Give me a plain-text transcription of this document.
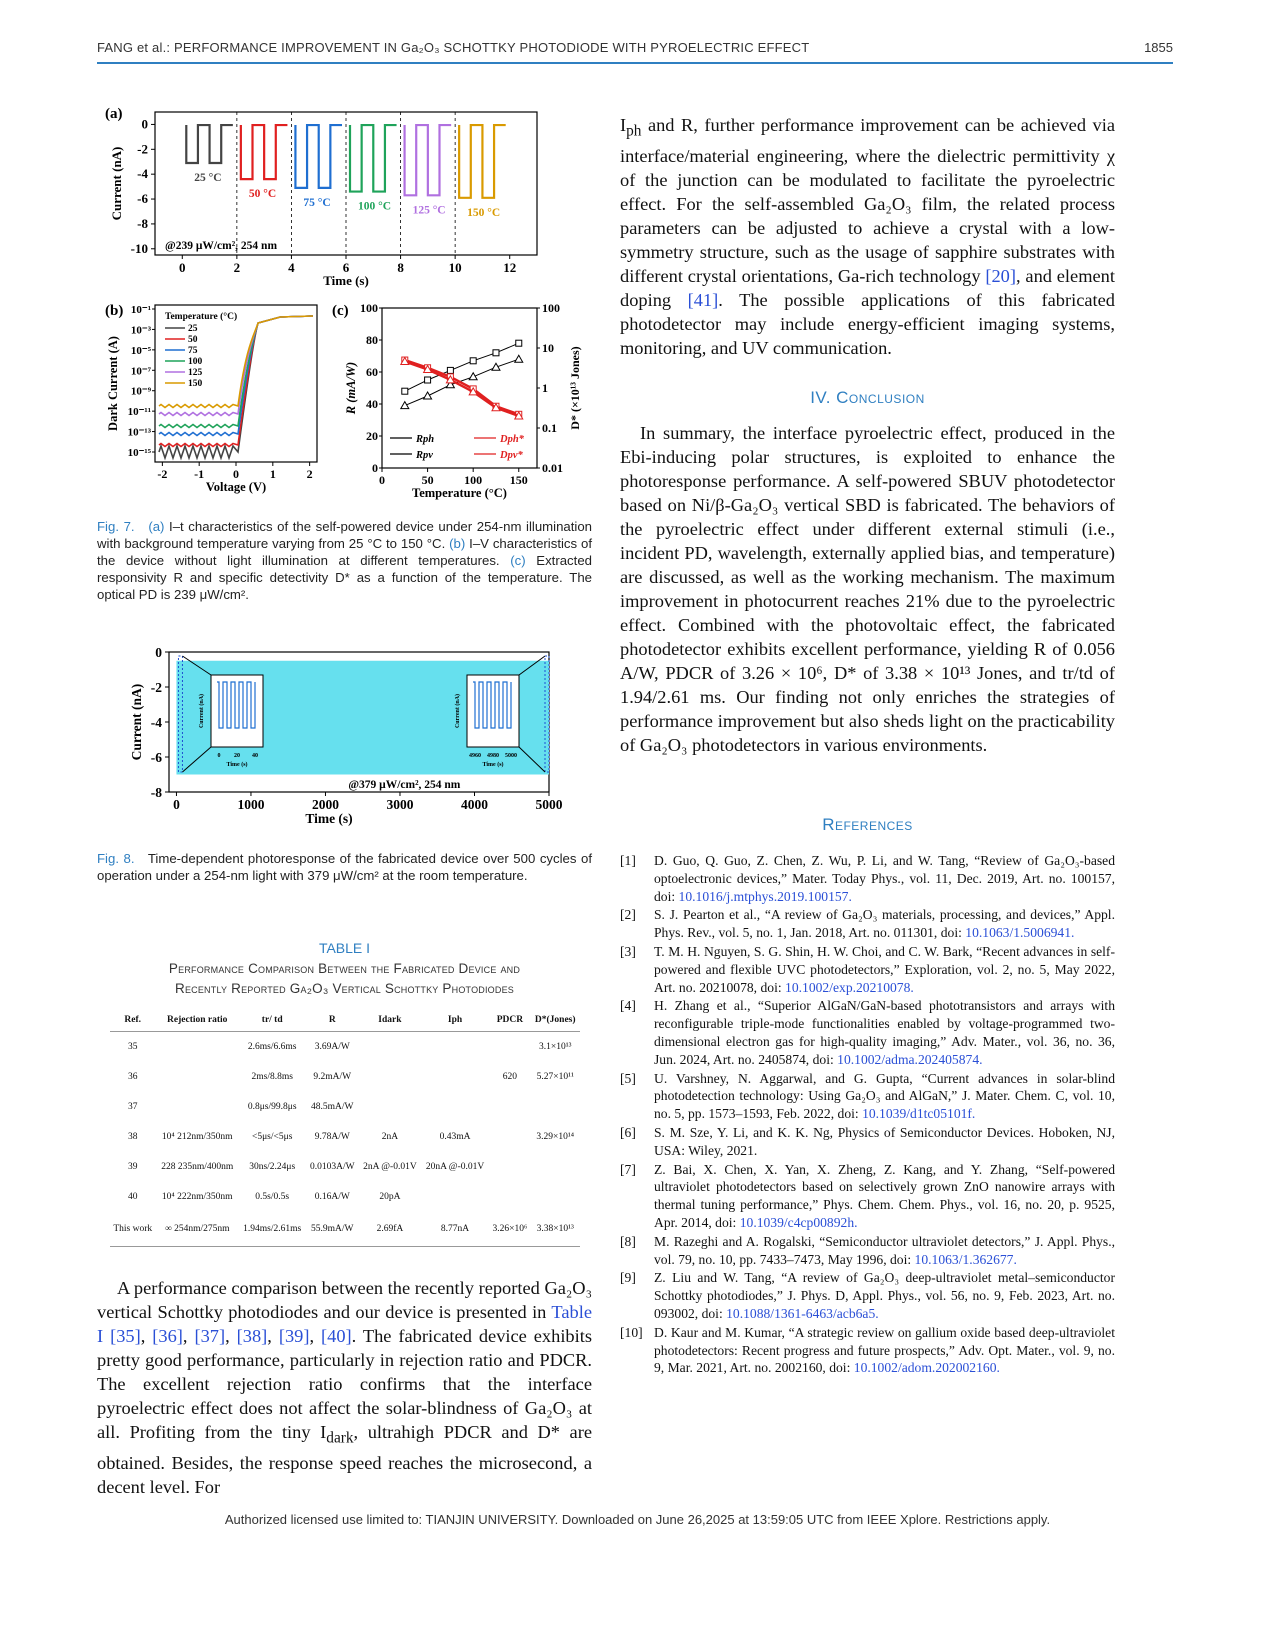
FANG et al.: PERFORMANCE IMPROVEMENT IN Ga₂O₃ SCHOTTKY PHOTODIODE WITH PYROELECTRIC EFFECT	1855
(a)
0	2	4	6	8	10	12
0
-2
-4
-6
-8
-10
Time (s)
Current (nA)	25 °C
50 °C
75 °C 100 °C 125 °C 150 °C
@239 μW/cm², 254 nm
(b)
-2 -1 0	1	2
10⁻¹
10⁻³
10⁻⁵
10⁻⁷
10⁻⁹
10⁻¹¹
10⁻¹³
10⁻¹⁵
Voltage (V)
Dark Current (A)
Temperature (°C)
25
50
75
100
125
150
(c)
0	50	100 150
0
20
40
60
80
100
0.01
0.1
1
10
100
Temperature (°C)
R (mA/W)	D* (×10¹³ Jones)
Rph
Rpv
Dph*
Dpv*
Fig. 7. (a) I–t characteristics of the self-powered device under 254-nm illumination with background temperature varying from 25 °C to 150 °C. (b) I–V characteristics of the device without light illumination at different temperatures. (c) Extracted responsivity R and specific detectivity D* as a function of the temperature. The optical PD is 239 μW/cm².
0	1000	2000	3000	4000	5000
0
-2
-4
-6
-8
Time (s)
Current (nA)	0 20 40
Time (s)
Current (nA)
4960 4980 5000
Time (s)
Current (nA)
@379 μW/cm², 254 nm
Fig. 8. Time-dependent photoresponse of the fabricated device over 500 cycles of operation under a 254-nm light with 379 μW/cm² at the room temperature.
TABLE I
Performance Comparison Between the Fabricated Device and
Recently Reported Ga₂O₃ Vertical Schottky Photodiodes
Ref.	Rejection ratio	tr/ td	R	Idark	Iph	PDCR	D*(Jones)
35		2.6ms/6.6ms	3.69A/W				3.1×10¹³
36		2ms/8.8ms	9.2mA/W			620	5.27×10¹¹
37		0.8μs/99.8μs	48.5mA/W				
38	10⁴ 212nm/350nm	<5μs/<5μs	9.78A/W	2nA	0.43mA		3.29×10¹⁴
39	228 235nm/400nm	30ns/2.24μs	0.0103A/W	2nA @-0.01V	20nA @-0.01V		
40	10⁴ 222nm/350nm	0.5s/0.5s	0.16A/W	20pA			
This work	∞ 254nm/275nm	1.94ms/2.61ms	55.9mA/W	2.69fA	8.77nA	3.26×10⁶	3.38×10¹³

A performance comparison between the recently reported Ga₂O₃ vertical Schottky photodiodes and our device is presented in Table I [35], [36], [37], [38], [39], [40]. The fabricated device exhibits pretty good performance, particularly in rejection ratio and PDCR. The excellent rejection ratio confirms that the interface pyroelectric effect does not affect the solar-blindness of Ga₂O₃ at all. Profiting from the tiny $I_{dark}$, ultrahigh PDCR and D* are obtained. Besides, the response speed reaches the microsecond, a decent level. For

$I_{ph}$ and R, further performance improvement can be achieved via interface/material engineering, where the dielectric permittivity χ of the junction can be modulated to facilitate the pyroelectric effect. For the self-assembled Ga₂O₃ film, the related process parameters can be adjusted to achieve a crystal with a low-symmetry structure, such as the usage of sapphire substrates with different crystal orientations, Ga-rich technology [20], and element doping [41]. The possible applications of this fabricated photodetector may include energy-efficient imaging systems, monitoring, and UV communication.

IV. Conclusion

In summary, the interface pyroelectric effect, produced in the Ebi-inducing polar structures, is exploited to enhance the photoresponse performance. A self-powered SBUV photodetector based on Ni/β-Ga₂O₃ vertical SBD is fabricated. The behaviors of the pyroelectric effect under different external stimuli (i.e., incident PD, wavelength, externally applied bias, and temperature) are discussed, as well as the working mechanism. The maximum improvement in photocurrent reaches 21% due to the pyroelectric effect. Combined with the photovoltaic effect, the fabricated photodetector exhibits excellent performance, yielding R of 0.056 A/W, PDCR of 3.26 × 10⁶, D* of 3.38 × 10¹³ Jones, and tr/td of 1.94/2.61 ms. Our finding not only enriches the strategies of performance improvement but also sheds light on the practicability of Ga₂O₃ photodetectors in various environments.

References
[1] D. Guo, Q. Guo, Z. Chen, Z. Wu, P. Li, and W. Tang, “Review of Ga₂O₃-based optoelectronic devices,” Mater. Today Phys., vol. 11, Dec. 2019, Art. no. 100157, doi: 10.1016/j.mtphys.2019.100157.
[2] S. J. Pearton et al., “A review of Ga₂O₃ materials, processing, and devices,” Appl. Phys. Rev., vol. 5, no. 1, Jan. 2018, Art. no. 011301, doi: 10.1063/1.5006941.
[3] T. M. H. Nguyen, S. G. Shin, H. W. Choi, and C. W. Bark, “Recent advances in self-powered and flexible UVC photodetectors,” Exploration, vol. 2, no. 5, May 2022, Art. no. 20210078, doi: 10.1002/exp.20210078.
[4] H. Zhang et al., “Superior AlGaN/GaN-based phototransistors and arrays with reconfigurable triple-mode functionalities enabled by voltage-programmed two-dimensional electron gas for high-quality imaging,” Adv. Mater., vol. 36, no. 36, Jun. 2024, Art. no. 2405874, doi: 10.1002/adma.202405874.
[5] U. Varshney, N. Aggarwal, and G. Gupta, “Current advances in solar-blind photodetection technology: Using Ga₂O₃ and AlGaN,” J. Mater. Chem. C, vol. 10, no. 5, pp. 1573–1593, Feb. 2022, doi: 10.1039/d1tc05101f.
[6] S. M. Sze, Y. Li, and K. K. Ng, Physics of Semiconductor Devices. Hoboken, NJ, USA: Wiley, 2021.
[7] Z. Bai, X. Chen, X. Yan, X. Zheng, Z. Kang, and Y. Zhang, “Self-powered ultraviolet photodetectors based on selectively grown ZnO nanowire arrays with thermal tuning performance,” Phys. Chem. Chem. Phys., vol. 16, no. 20, p. 9525, Apr. 2014, doi: 10.1039/c4cp00892h.
[8] M. Razeghi and A. Rogalski, “Semiconductor ultraviolet detectors,” J. Appl. Phys., vol. 79, no. 10, pp. 7433–7473, May 1996, doi: 10.1063/1.362677.
[9] Z. Liu and W. Tang, “A review of Ga₂O₃ deep-ultraviolet metal–semiconductor Schottky photodiodes,” J. Phys. D, Appl. Phys., vol. 56, no. 9, Feb. 2023, Art. no. 093002, doi: 10.1088/1361-6463/acb6a5.
[10] D. Kaur and M. Kumar, “A strategic review on gallium oxide based deep-ultraviolet photodetectors: Recent progress and future prospects,” Adv. Opt. Mater., vol. 9, no. 9, Mar. 2021, Art. no. 2002160, doi: 10.1002/adom.202002160.
Authorized licensed use limited to: TIANJIN UNIVERSITY. Downloaded on June 26,2025 at 13:59:05 UTC from IEEE Xplore. Restrictions apply.
